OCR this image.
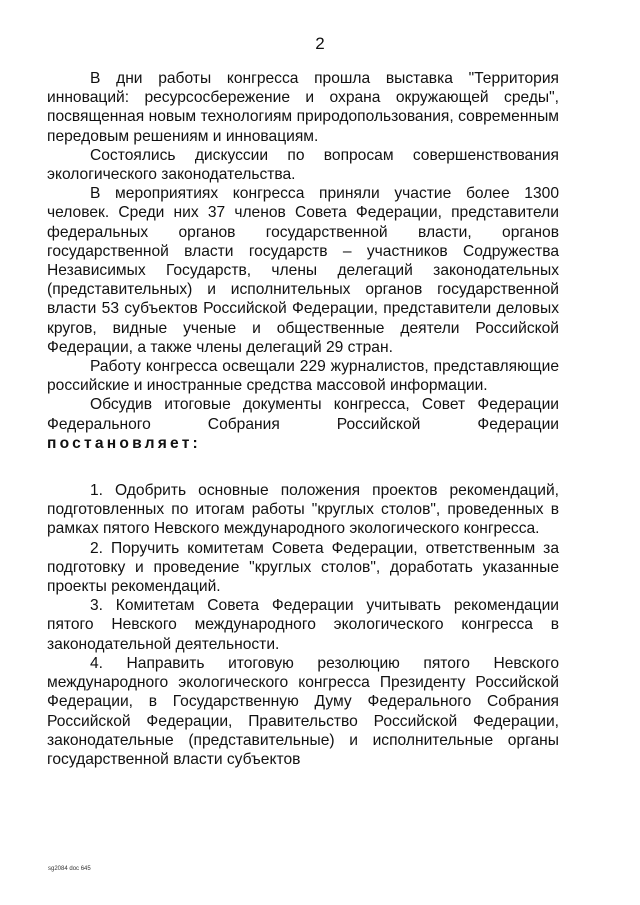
2

В дни работы конгресса прошла выставка "Территория инноваций: ресурсосбережение и охрана окружающей среды", посвященная новым технологиям природопользования, современным передовым решениям и инновациям.

Состоялись дискуссии по вопросам совершенствования экологического законодательства.

В мероприятиях конгресса приняли участие более 1300 человек. Среди них 37 членов Совета Федерации, представители федеральных органов государственной власти, органов государственной власти государств – участников Содружества Независимых Государств, члены делегаций законодательных (представительных) и исполнительных органов государственной власти 53 субъектов Российской Федерации, представители деловых кругов, видные ученые и общественные деятели Российской Федерации, а также члены делегаций 29 стран.

Работу конгресса освещали 229 журналистов, представляющие российские и иностранные средства массовой информации.

Обсудив итоговые документы конгресса, Совет Федерации Федерального Собрания Российской Федерации постановляет:

1. Одобрить основные положения проектов рекомендаций, подготовленных по итогам работы "круглых столов", проведенных в рамках пятого Невского международного экологического конгресса.

2. Поручить комитетам Совета Федерации, ответственным за подготовку и проведение "круглых столов", доработать указанные проекты рекомендаций.

3. Комитетам Совета Федерации учитывать рекомендации пятого Невского международного экологического конгресса в законодательной деятельности.

4. Направить итоговую резолюцию пятого Невского международного экологического конгресса Президенту Российской Федерации, в Государственную Думу Федерального Собрания Российской Федерации, Правительство Российской Федерации, законодательные (представительные) и исполнительные органы государственной власти субъектов

sg2084 doc 645
